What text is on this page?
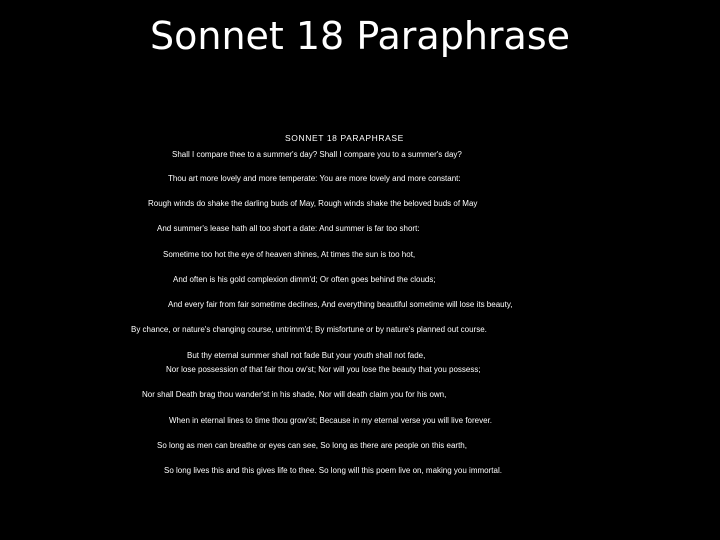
Sonnet 18 Paraphrase
SONNET 18 PARAPHRASE
Shall I compare thee to a summer's day? Shall I compare you to a summer's day?
Thou art more lovely and more temperate: You are more lovely and more constant:
Rough winds do shake the darling buds of May, Rough winds shake the beloved buds of May
And summer's lease hath all too short a date: And summer is far too short:
Sometime too hot the eye of heaven shines, At times the sun is too hot,
And often is his gold complexion dimm'd; Or often goes behind the clouds;
And every fair from fair sometime declines, And everything beautiful sometime will lose its beauty,
By chance, or nature's changing course, untrimm'd; By misfortune or by nature's planned out course.
But thy eternal summer shall not fade But your youth shall not fade,
Nor lose possession of that fair thou ow'st; Nor will you lose the beauty that you possess;
Nor shall Death brag thou wander'st in his shade, Nor will death claim you for his own,
When in eternal lines to time thou grow'st; Because in my eternal verse you will live forever.
So long as men can breathe or eyes can see, So long as there are people on this earth,
So long lives this and this gives life to thee. So long will this poem live on, making you immortal.
